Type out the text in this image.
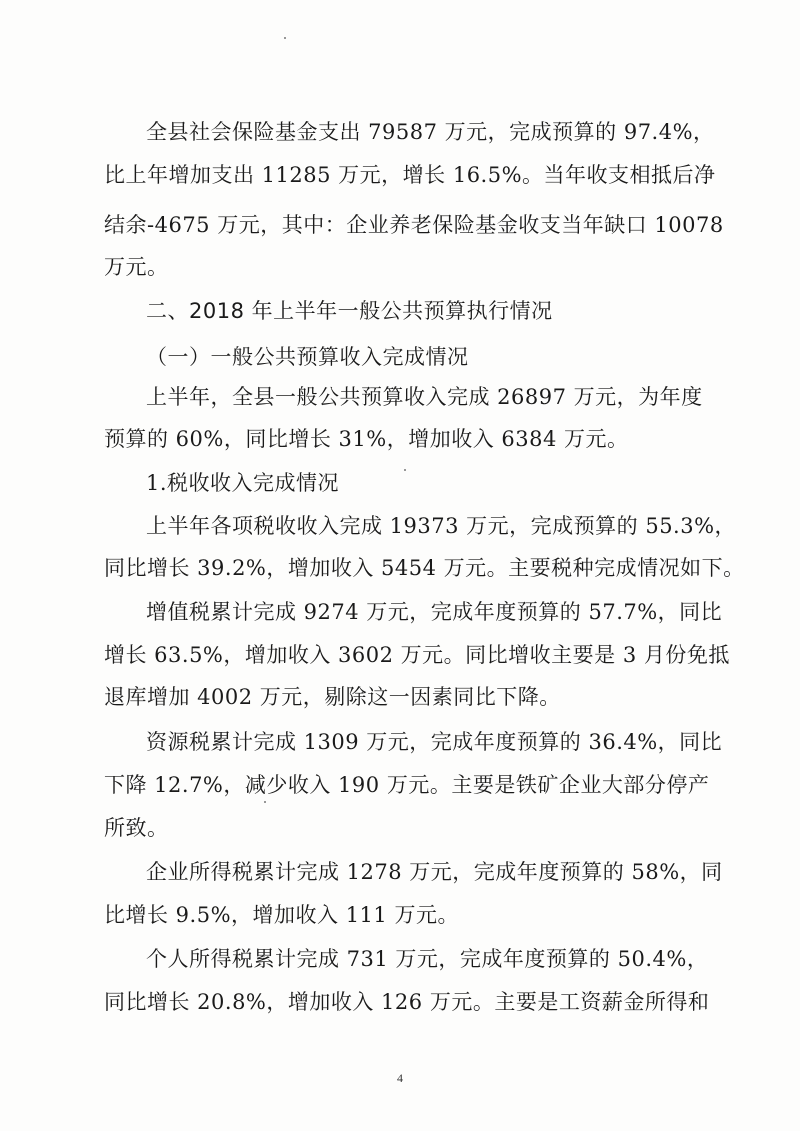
全县社会保险基金支出 79587 万元，完成预算的 97.4%，
比上年增加支出 11285 万元，增长 16.5%。当年收支相抵后净
结余-4675 万元，其中：企业养老保险基金收支当年缺口 10078
万元。
二、2018 年上半年一般公共预算执行情况
（一）一般公共预算收入完成情况
上半年，全县一般公共预算收入完成 26897 万元，为年度
预算的 60%，同比增长 31%，增加收入 6384 万元。
1.税收收入完成情况
上半年各项税收收入完成 19373 万元，完成预算的 55.3%，
同比增长 39.2%，增加收入 5454 万元。主要税种完成情况如下。
增值税累计完成 9274 万元，完成年度预算的 57.7%，同比
增长 63.5%，增加收入 3602 万元。同比增收主要是 3 月份免抵
退库增加 4002 万元，剔除这一因素同比下降。
资源税累计完成 1309 万元，完成年度预算的 36.4%，同比
下降 12.7%，减少收入 190 万元。主要是铁矿企业大部分停产
所致。
企业所得税累计完成 1278 万元，完成年度预算的 58%，同
比增长 9.5%，增加收入 111 万元。
个人所得税累计完成 731 万元，完成年度预算的 50.4%，
同比增长 20.8%，增加收入 126 万元。主要是工资薪金所得和
4
